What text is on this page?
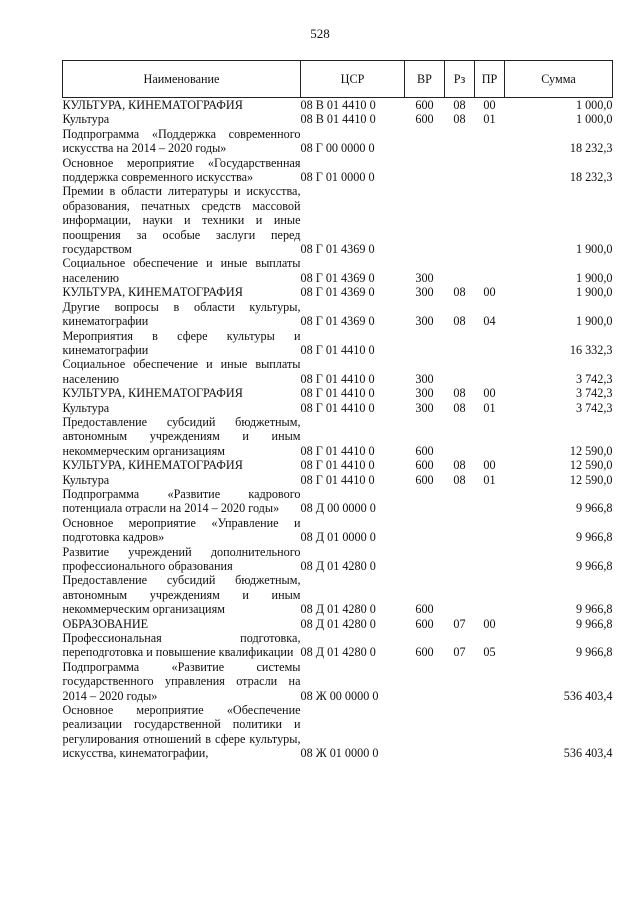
528
Наименование	ЦСР	ВР	Рз	ПР	Сумма
КУЛЬТУРА, КИНЕМАТОГРАФИЯ	08 В 01 4410 0	600	08	00	1 000,0
Культура	08 В 01 4410 0	600	08	01	1 000,0
Подпрограмма «Поддержка современного искусства на 2014 – 2020 годы»	08 Г 00 0000 0				18 232,3
Основное мероприятие «Государственная поддержка современного искусства»	08 Г 01 0000 0				18 232,3
Премии в области литературы и искусства, образования, печатных средств массовой информации, науки и техники и иные поощрения за особые заслуги перед государством	08 Г 01 4369 0				1 900,0
Социальное обеспечение и иные выплаты населению	08 Г 01 4369 0	300			1 900,0
КУЛЬТУРА, КИНЕМАТОГРАФИЯ	08 Г 01 4369 0	300	08	00	1 900,0
Другие вопросы в области культуры, кинематографии	08 Г 01 4369 0	300	08	04	1 900,0
Мероприятия в сфере культуры и кинематографии	08 Г 01 4410 0				16 332,3
Социальное обеспечение и иные выплаты населению	08 Г 01 4410 0	300			3 742,3
КУЛЬТУРА, КИНЕМАТОГРАФИЯ	08 Г 01 4410 0	300	08	00	3 742,3
Культура	08 Г 01 4410 0	300	08	01	3 742,3
Предоставление субсидий бюджетным, автономным учреждениям и иным некоммерческим организациям	08 Г 01 4410 0	600			12 590,0
КУЛЬТУРА, КИНЕМАТОГРАФИЯ	08 Г 01 4410 0	600	08	00	12 590,0
Культура	08 Г 01 4410 0	600	08	01	12 590,0
Подпрограмма «Развитие кадрового потенциала отрасли на 2014 – 2020 годы»	08 Д 00 0000 0				9 966,8
Основное мероприятие «Управление и подготовка кадров»	08 Д 01 0000 0				9 966,8
Развитие учреждений дополнительного профессионального образования	08 Д 01 4280 0				9 966,8
Предоставление субсидий бюджетным, автономным учреждениям и иным некоммерческим организациям	08 Д 01 4280 0	600			9 966,8
ОБРАЗОВАНИЕ	08 Д 01 4280 0	600	07	00	9 966,8
Профессиональная подготовка, переподготовка и повышение квалификации	08 Д 01 4280 0	600	07	05	9 966,8
Подпрограмма «Развитие системы государственного управления отрасли на 2014 – 2020 годы»	08 Ж 00 0000 0				536 403,4
Основное мероприятие «Обеспечение реализации государственной политики и регулирования отношений в сфере культуры, искусства, кинематографии,	08 Ж 01 0000 0				536 403,4
